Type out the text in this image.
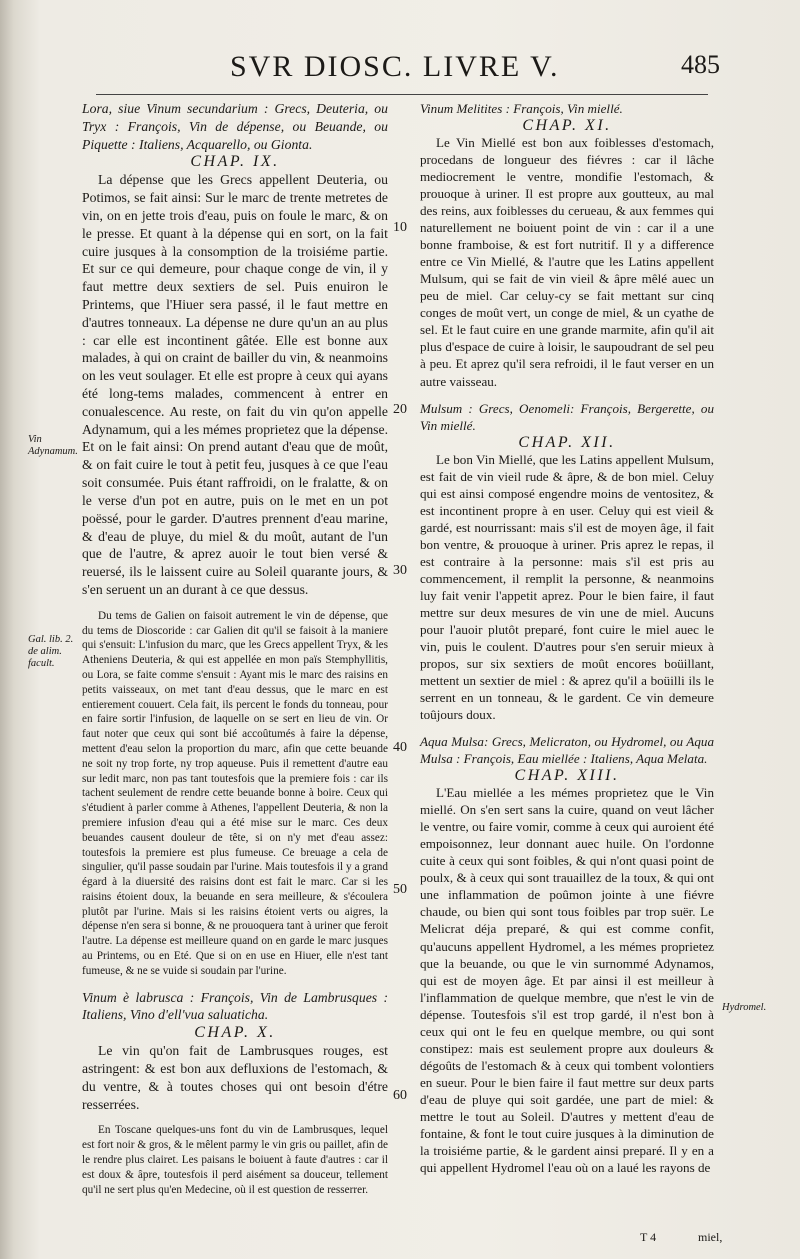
SVR DIOSC. LIVRE V.	485

Lora, siue Vinum secundarium : Grecs, Deuteria, ou Tryx : François, Vin de dépense, ou Beuande, ou Piquette : Italiens, Acquarello, ou Gionta.

CHAP. IX.

La dépense que les Grecs appellent Deuteria, ou Potimos, se fait ainsi: Sur le marc de trente metretes de vin, on en jette trois d'eau, puis on foule le marc, & on le presse. Et quant à la dépense qui en sort, on la fait cuire jusques à la consomption de la troisiéme partie. Et sur ce qui demeure, pour chaque conge de vin, il y faut mettre deux sextiers de sel. Puis enuiron le Printems, que l'Hiuer sera passé, il le faut mettre en d'autres tonneaux. La dépense ne dure qu'un an au plus : car elle est incontinent gâtée. Elle est bonne aux malades, à qui on craint de bailler du vin, & neanmoins on les veut soulager. Et elle est propre à ceux qui ayans été long-tems malades, commencent à entrer en conualescence. Au reste, on fait du vin qu'on appelle Adynamum, qui a les mémes proprietez que la dépense. Et on le fait ainsi: On prend autant d'eau que de moût, & on fait cuire le tout à petit feu, jusques à ce que l'eau soit consumée. Puis étant raffroidi, on le fralatte, & on le verse d'un pot en autre, puis on le met en un pot poëssé, pour le garder. D'autres prennent d'eau marine, & d'eau de pluye, du miel & du moût, autant de l'un que de l'autre, & aprez auoir le tout bien versé & reuersé, ils le laissent cuire au Soleil quarante jours, & s'en seruent un an durant à ce que dessus.

Du tems de Galien on faisoit autrement le vin de dépense, que du tems de Dioscoride : car Galien dit qu'il se faisoit à la maniere qui s'ensuit: L'infusion du marc, que les Grecs appellent Tryx, & les Atheniens Deuteria, & qui est appellée en mon païs Stemphyllitis, ou Lora, se faite comme s'ensuit : Ayant mis le marc des raisins en petits vaisseaux, on met tant d'eau dessus, que le marc en est entierement couuert. Cela fait, ils percent le fonds du tonneau, pour en faire sortir l'infusion, de laquelle on se sert en lieu de vin. Or faut noter que ceux qui sont bié accoûtumés à faire la dépense, mettent d'eau selon la proportion du marc, afin que cette beuande ne soit ny trop forte, ny trop aqueuse. Puis il remettent d'autre eau sur ledit marc, non pas tant toutesfois que la premiere fois : car ils tachent seulement de rendre cette beuande bonne à boire. Ceux qui s'étudient à parler comme à Athenes, l'appellent Deuteria, & non la premiere infusion d'eau qui a été mise sur le marc. Ces deux beuandes causent douleur de tête, si on n'y met d'eau assez: toutesfois la premiere est plus fumeuse. Ce breuage a cela de singulier, qu'il passe soudain par l'urine. Mais toutesfois il y a grand égard à la diuersité des raisins dont est fait le marc. Car si les raisins étoient doux, la beuande en sera meilleure, & s'écoulera plutôt par l'urine. Mais si les raisins étoient verts ou aigres, la dépense n'en sera si bonne, & ne prouoquera tant à uriner que feroit l'autre. La dépense est meilleure quand on en garde le marc jusques au Printems, ou en Eté. Que si on en use en Hiuer, elle n'est tant fumeuse, & ne se vuide si soudain par l'urine.

Vinum è labrusca : François, Vin de Lambrusques : Italiens, Vino d'ell'vua saluaticha.

CHAP. X.

Le vin qu'on fait de Lambrusques rouges, est astringent: & est bon aux defluxions de l'estomach, & du ventre, & à toutes choses qui ont besoin d'étre resserrées.

En Toscane quelques-uns font du vin de Lambrusques, lequel est fort noir & gros, & le mêlent parmy le vin gris ou paillet, afin de le rendre plus clairet. Les paisans le boiuent à faute d'autres : car il est doux & âpre, toutesfois il perd aisément sa douceur, tellement qu'il ne sert plus qu'en Medecine, où il est question de resserrer.

Vinum Melitites : François, Vin miellé.

CHAP. XI.

Le Vin Miellé est bon aux foiblesses d'estomach, procedans de longueur des fiévres : car il lâche mediocrement le ventre, mondifie l'estomach, & prouoque à uriner. Il est propre aux goutteux, au mal des reins, aux foiblesses du cerueau, & aux femmes qui naturellement ne boiuent point de vin : car il a une bonne framboise, & est fort nutritif. Il y a difference entre ce Vin Miellé, & l'autre que les Latins appellent Mulsum, qui se fait de vin vieil & âpre mêlé auec un peu de miel. Car celuy-cy se fait mettant sur cinq conges de moût vert, un conge de miel, & un cyathe de sel. Et le faut cuire en une grande marmite, afin qu'il ait plus d'espace de cuire à loisir, le saupoudrant de sel peu à peu. Et aprez qu'il sera refroidi, il le faut verser en un autre vaisseau.

Mulsum : Grecs, Oenomeli: François, Bergerette, ou Vin miellé.

CHAP. XII.

Le bon Vin Miellé, que les Latins appellent Mulsum, est fait de vin vieil rude & âpre, & de bon miel. Celuy qui est ainsi composé engendre moins de ventositez, & est incontinent propre à en user. Celuy qui est vieil & gardé, est nourrissant: mais s'il est de moyen âge, il fait bon ventre, & prouoque à uriner. Pris aprez le repas, il est contraire à la personne: mais s'il est pris au commencement, il remplit la personne, & neanmoins luy fait venir l'appetit aprez. Pour le bien faire, il faut mettre sur deux mesures de vin une de miel. Aucuns pour l'auoir plutôt preparé, font cuire le miel auec le vin, puis le coulent. D'autres pour s'en seruir mieux à propos, sur six sextiers de moût encores boüillant, mettent un sextier de miel : & aprez qu'il a boüilli ils le serrent en un tonneau, & le gardent. Ce vin demeure toûjours doux.

Aqua Mulsa: Grecs, Melicraton, ou Hydromel, ou Aqua Mulsa : François, Eau miellée : Italiens, Aqua Melata.

CHAP. XIII.

L'Eau miellée a les mémes proprietez que le Vin miellé. On s'en sert sans la cuire, quand on veut lâcher le ventre, ou faire vomir, comme à ceux qui auroient été empoisonnez, leur donnant auec huile. On l'ordonne cuite à ceux qui sont foibles, & qui n'ont quasi point de poulx, & à ceux qui sont trauaillez de la toux, & qui ont une inflammation de poûmon jointe à une fiévre chaude, ou bien qui sont tous foibles par trop suër. Le Melicrat déja preparé, & qui est comme confit, qu'aucuns appellent Hydromel, a les mémes proprietez que la beuande, ou que le vin surnommé Adynamos, qui est de moyen âge. Et par ainsi il est meilleur à l'inflammation de quelque membre, que n'est le vin de dépense. Toutesfois s'il est trop gardé, il n'est bon à ceux qui ont le feu en quelque membre, ou qui sont constipez: mais est seulement propre aux douleurs & dégoûts de l'estomach & à ceux qui tombent volontiers en sueur. Pour le bien faire il faut mettre sur deux parts d'eau de pluye qui soit gardée, une part de miel: & mettre le tout au Soleil. D'autres y mettent d'eau de fontaine, & font le tout cuire jusques à la diminution de la troisiéme partie, & le gardent ainsi preparé. Il y en a qui appellent Hydromel l'eau où on a laué les rayons de

10
20
30
40
50
60
Vin Adynamum.
Gal. lib. 2. de alim. facult.
Hydromel.
T 4	miel,
